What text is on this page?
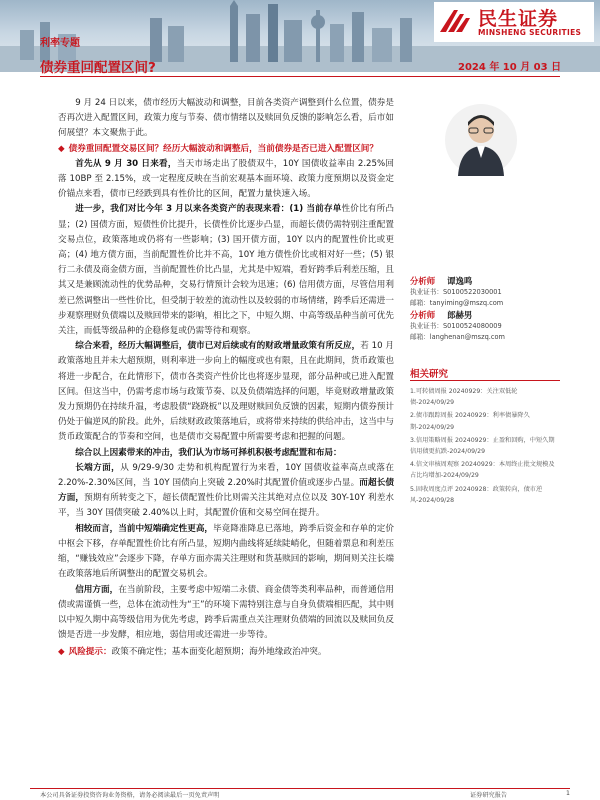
民生证券
MINSHENG SECURITIES
利率专题
债券重回配置区间?	2024 年 10 月 03 日

9 月 24 日以来，债市经历大幅波动和调整，目前各类资产调整到什么位置，债券是否再次进入配置区间，政策力度与节奏、债市情绪以及赎回负反馈的影响怎么看，后市如何展望？本文聚焦于此。

◆ 债券重回配置交易区间？经历大幅波动和调整后，当前债券是否已进入配置区间？

首先从 9 月 30 日来看，当天市场走出了股债双牛，10Y 国债收益率由 2.25%回落 10BP 至 2.15%，或一定程度反映在当前宏观基本面环境、政策力度预期以及资金定价锚点来看，债市已经跌到具有性价比的区间，配置力量快速入场。

进一步，我们对比今年 3 月以来各类资产的表现来看：(1) 当前存单性价比有所凸显；(2) 国债方面，短债性价比提升，长债性价比逐步凸显，而超长债仍需特别注重配置交易点位，政策落地或仍将有一些影响；(3) 国开债方面，10Y 以内的配置性价比或更高；(4) 地方债方面，当前配置性价比并不高，10Y 地方债性价比或相对好一些；(5) 银行二永债及商金债方面，当前配置性价比凸显，尤其是中短端，看好跨季后利差压缩，且其又是兼顾流动性的优势品种，交易行情预计会较为迅速；(6) 信用债方面，尽管信用利差已然调整出一些性价比，但受制于较差的流动性以及较弱的市场情绪，跨季后还需进一步观察理财负债端以及赎回带来的影响，相比之下，中短久期、中高等级品种当前可优先关注，而低等级品种的企稳修复或仍需等待和观察。

综合来看，经历大幅调整后，债市已对后续或有的财政增量政策有所反应，若 10 月政策落地且并未大超预期，则利率进一步向上的幅度或也有限，且在此期间，货币政策也将进一步配合，在此情形下，债市各类资产性价比也将逐步显现，部分品种或已进入配置区间。但这当中，仍需考虑市场与政策节奏、以及负债端选择的问题，毕竟财政增量政策发力预期仍在持续升温，考虑股债“跷跷板”以及理财赎回负反馈的因素，短期内债券预计仍处于偏逆风的阶段。此外，后续财政政策落地后，或将带来持续的供给冲击，这当中与货币政策配合的节奏和空间，也是债市交易配置中所需要考虑和把握的问题。

综合以上因素带来的冲击，我们认为市场可择机积极考虑配置和布局：

长端方面，从 9/29-9/30 走势和机构配置行为来看，10Y 国债收益率高点或落在 2.20%-2.30%区间，当 10Y 国债向上突破 2.20%时其配置价值或逐步凸显。而超长债方面，预期有所转变之下，超长债配置性价比则需关注其绝对点位以及 30Y-10Y 利差水平，当 30Y 国债突破 2.40%以上时，其配置价值和交易空间在提升。

相较而言，当前中短端确定性更高，毕竟降准降息已落地，跨季后资金和存单的定价中枢会下移，存单配置性价比有所凸显，短期内曲线将延续陡峭化，但随着票息和利差压缩，“赚钱效应”会逐步下降，存单方面亦需关注理财和货基赎回的影响，期间则关注长端在政策落地后所调整出的配置交易机会。

信用方面，在当前阶段，主要考虑中短端二永债、商金债等类利率品种，而普通信用债或需谨慎一些，总体在流动性为“王”的环境下需特别注意与自身负债端相匹配，其中则以中短久期中高等级信用为优先考虑，跨季后需重点关注理财负债端的回流以及赎回负反馈是否进一步发酵，相应地，弱信用或还需进一步等待。

◆ 风险提示：政策不确定性；基本面变化超预期；海外地缘政治冲突。

分析师 谭逸鸣
执业证书：S0100522030001
邮箱：tanyiming@mszq.com
分析师 郎赫男
执业证书：S0100524080009
邮箱：langhenan@mszq.com
相关研究
1.可转债周报 20240929：关注双低轮债-2024/09/29
2.债市跟踪周报 20240929：利率债暴降久期-2024/09/29
3.信用策略周报 20240929：止盈和回购，中短久期信用债更抗跌-2024/09/29
4.信文审核周观察 20240929：本周终止批文规模及占比均增加-2024/09/29
5.固收周度点评 20240928：政策转向，债市逆风-2024/09/28
本公司具备证券投资咨询业务资格，请务必阅读最后一页免责声明	证券研究报告	1
